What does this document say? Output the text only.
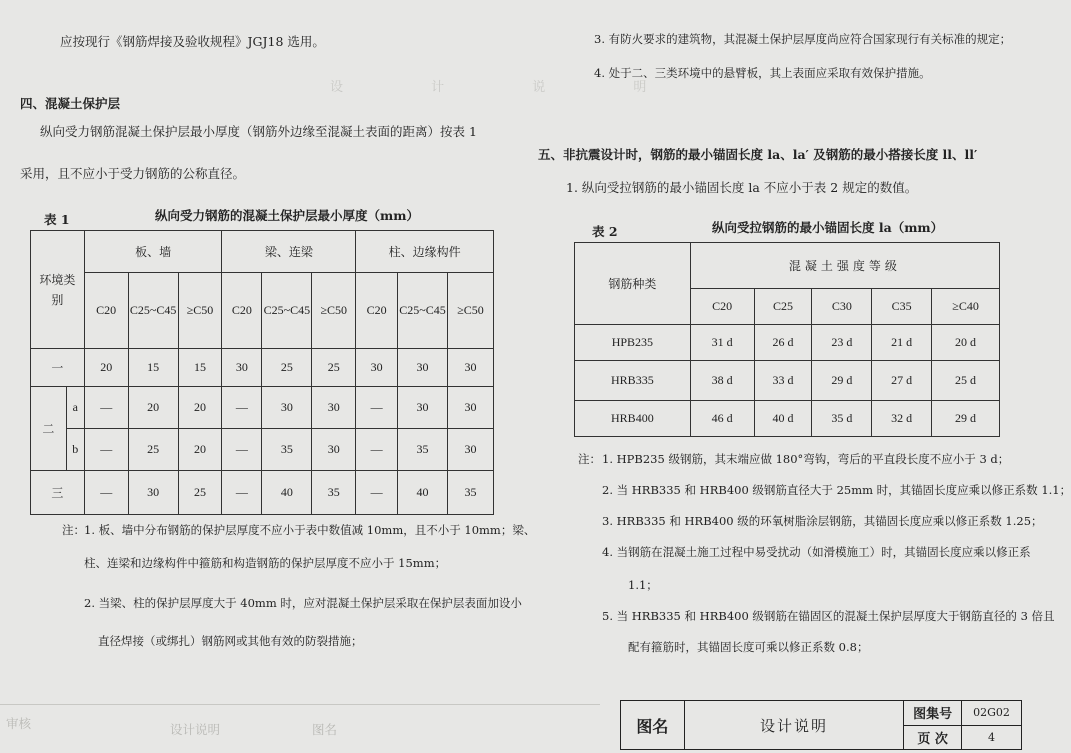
设 计 说 明
应按现行《钢筋焊接及验收规程》JGJ18 选用。
四、混凝土保护层
纵向受力钢筋混凝土保护层最小厚度（钢筋外边缘至混凝土表面的距离）按表 1
采用，且不应小于受力钢筋的公称直径。
表 1	纵向受力钢筋的混凝土保护层最小厚度（mm）
环境类别		板、墙			梁、连梁			柱、边缘构件		
		C20	C25~C45	≥C50	C20	C25~C45	≥C50	C20	C25~C45	≥C50
一		20	15	15	30	25	25	30	30	30
二	a	—	20	20	—	30	30	—	30	30
	b	—	25	20	—	35	30	—	35	30
三		—	30	25	—	40	35	—	40	35
注： 1. 板、墙中分布钢筋的保护层厚度不应小于表中数值减 10mm，且不小于 10mm；梁、
柱、连梁和边缘构件中箍筋和构造钢筋的保护层厚度不应小于 15mm；
2. 当梁、柱的保护层厚度大于 40mm 时，应对混凝土保护层采取在保护层表面加设小
直径焊接（或绑扎）钢筋网或其他有效的防裂措施；
3. 有防火要求的建筑物，其混凝土保护层厚度尚应符合国家现行有关标准的规定；
4. 处于二、三类环境中的悬臂板，其上表面应采取有效保护措施。
五、非抗震设计时，钢筋的最小锚固长度 la、la′ 及钢筋的最小搭接长度 ll、ll′
1. 纵向受拉钢筋的最小锚固长度 la 不应小于表 2 规定的数值。
表 2	纵向受拉钢筋的最小锚固长度 la（mm）
钢筋种类	混凝土强度等级				
	C20	C25	C30	C35	≥C40
HPB235	31 d	26 d	23 d	21 d	20 d
HRB335	38 d	33 d	29 d	27 d	25 d
HRB400	46 d	40 d	35 d	32 d	29 d
注： 1. HPB235 级钢筋，其末端应做 180°弯钩，弯后的平直段长度不应小于 3 d；
2. 当 HRB335 和 HRB400 级钢筋直径大于 25mm 时，其锚固长度应乘以修正系数 1.1；
3. HRB335 和 HRB400 级的环氧树脂涂层钢筋，其锚固长度应乘以修正系数 1.25；
4. 当钢筋在混凝土施工过程中易受扰动（如滑模施工）时，其锚固长度应乘以修正系
1.1；
5. 当 HRB335 和 HRB400 级钢筋在锚固区的混凝土保护层厚度大于钢筋直径的 3 倍且
配有箍筋时，其锚固长度可乘以修正系数 0.8；
审核	设计说明	图名	图名	设计说明	图集号	02G02
		页 次	4
